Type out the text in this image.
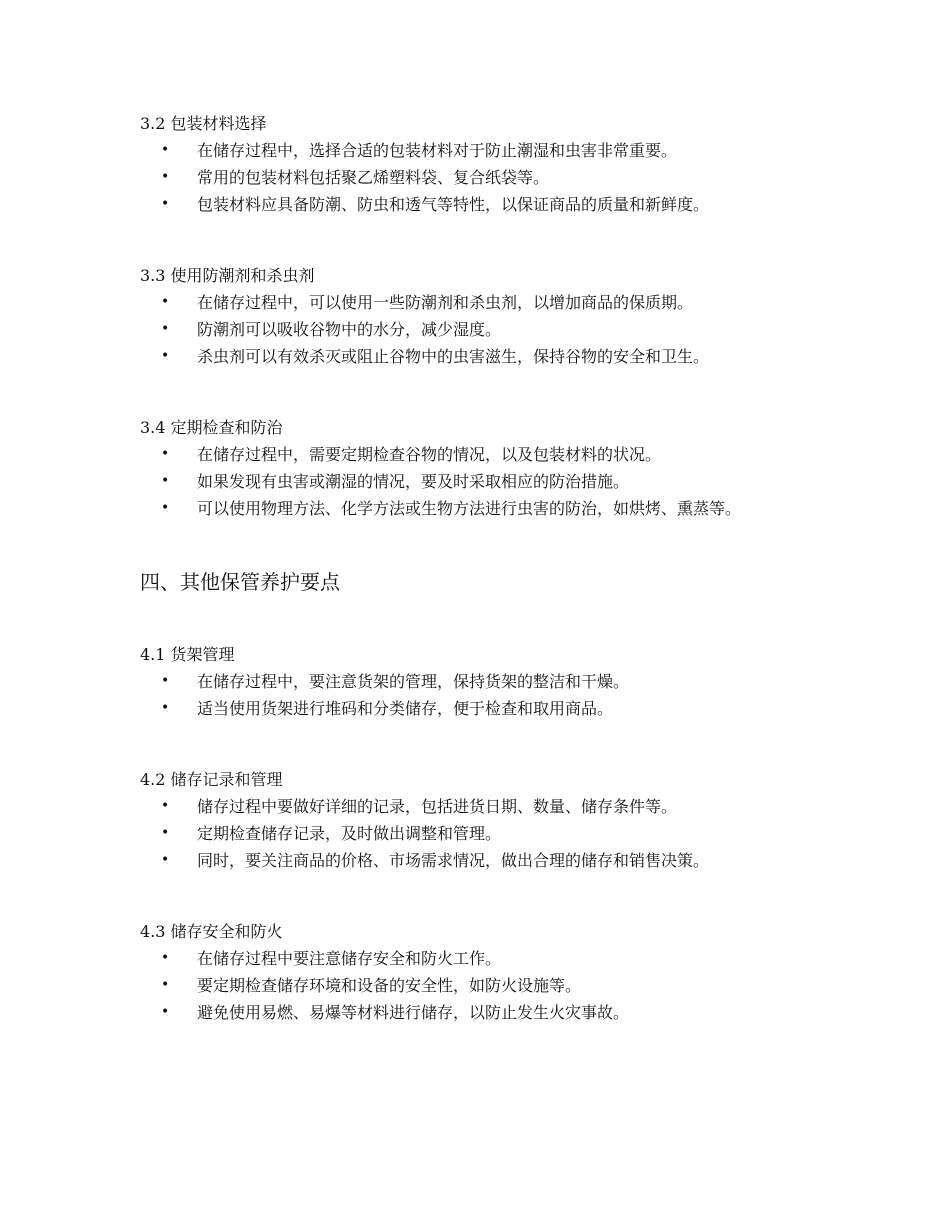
3.2 包装材料选择
• 在储存过程中，选择合适的包装材料对于防止潮湿和虫害非常重要。
• 常用的包装材料包括聚乙烯塑料袋、复合纸袋等。
• 包装材料应具备防潮、防虫和透气等特性，以保证商品的质量和新鲜度。
3.3 使用防潮剂和杀虫剂
• 在储存过程中，可以使用一些防潮剂和杀虫剂，以增加商品的保质期。
• 防潮剂可以吸收谷物中的水分，减少湿度。
• 杀虫剂可以有效杀灭或阻止谷物中的虫害滋生，保持谷物的安全和卫生。
3.4 定期检查和防治
• 在储存过程中，需要定期检查谷物的情况，以及包装材料的状况。
• 如果发现有虫害或潮湿的情况，要及时采取相应的防治措施。
• 可以使用物理方法、化学方法或生物方法进行虫害的防治，如烘烤、熏蒸等。
四、其他保管养护要点
4.1 货架管理
• 在储存过程中，要注意货架的管理，保持货架的整洁和干燥。
• 适当使用货架进行堆码和分类储存，便于检查和取用商品。
4.2 储存记录和管理
• 储存过程中要做好详细的记录，包括进货日期、数量、储存条件等。
• 定期检查储存记录，及时做出调整和管理。
• 同时，要关注商品的价格、市场需求情况，做出合理的储存和销售决策。
4.3 储存安全和防火
• 在储存过程中要注意储存安全和防火工作。
• 要定期检查储存环境和设备的安全性，如防火设施等。
• 避免使用易燃、易爆等材料进行储存，以防止发生火灾事故。
